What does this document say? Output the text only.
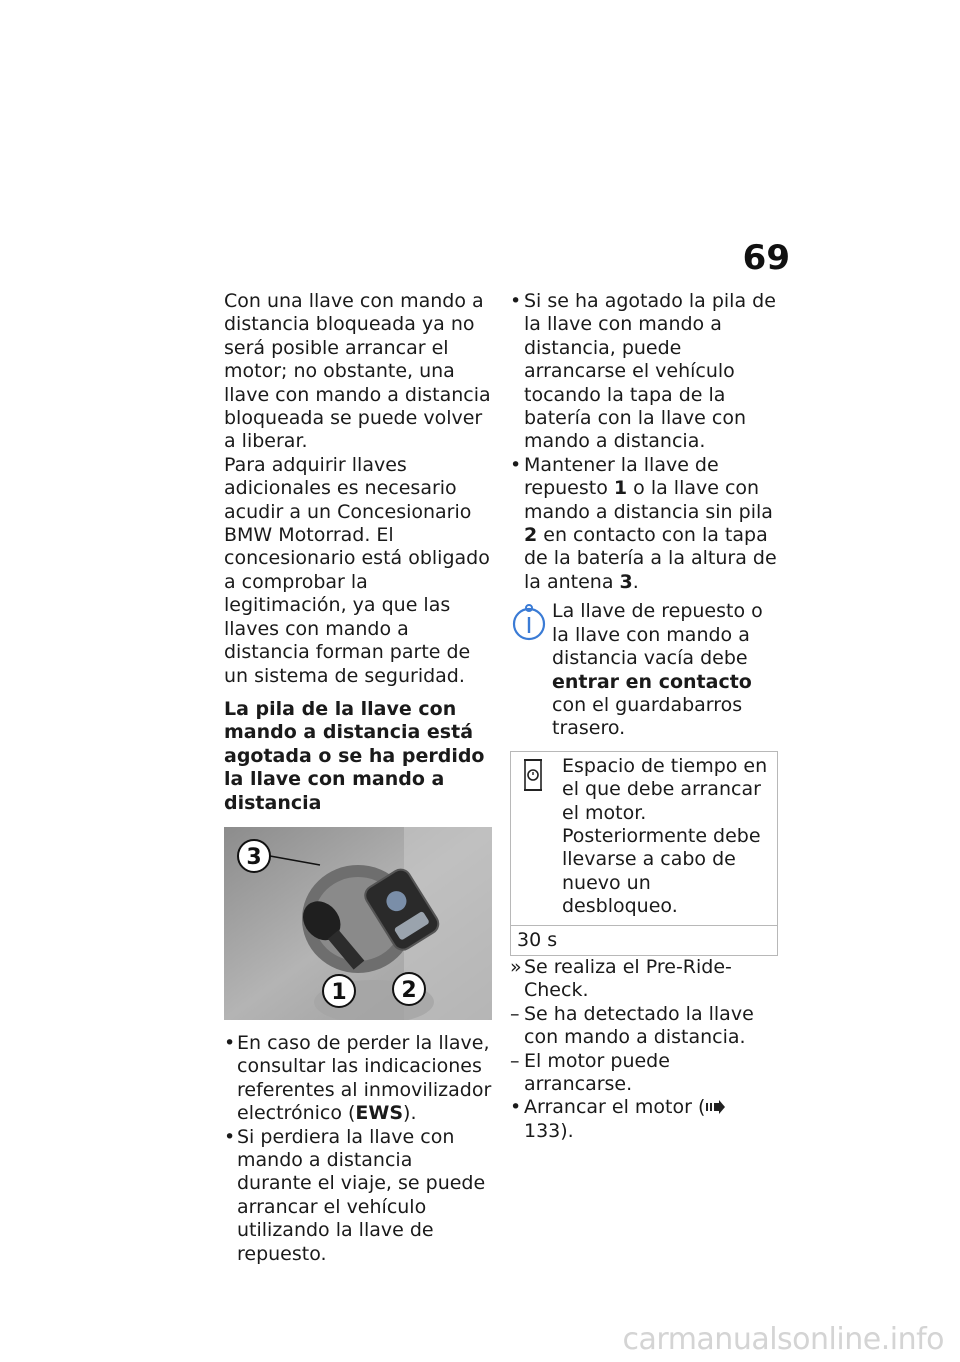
69

Con una llave con mando a distancia bloqueada ya no será posible arrancar el motor; no obstante, una llave con mando a distancia bloqueada se puede volver a liberar.

Para adquirir llaves adicionales es necesario acudir a un Concesionario BMW Motorrad. El concesionario está obligado a comprobar la legitimación, ya que las llaves con mando a distancia forman parte de un sistema de seguridad.

La pila de la llave con mando a distancia está agotada o se ha perdido la llave con mando a distancia

3
1 2

• En caso de perder la llave, consultar las indicaciones referentes al inmovilizador electrónico (EWS).

• Si perdiera la llave con mando a distancia durante el viaje, se puede arrancar el vehículo utilizando la llave de repuesto.

• Si se ha agotado la pila de la llave con mando a distancia, puede arrancarse el vehículo tocando la tapa de la batería con la llave con mando a distancia.

• Mantener la llave de repuesto 1 o la llave con mando a distancia sin pila 2 en contacto con la tapa de la batería a la altura de la antena 3.

La llave de repuesto o la llave con mando a distancia vacía debe entrar en contacto con el guardabarros trasero.

Espacio de tiempo en el que debe arrancar el motor. Posteriormente debe llevarse a cabo de nuevo un desbloqueo.

30 s

» Se realiza el Pre-Ride-Check.

– Se ha detectado la llave con mando a distancia.

– El motor puede arrancarse.

• Arrancar el motor ( 133).

carmanualsonline.info
